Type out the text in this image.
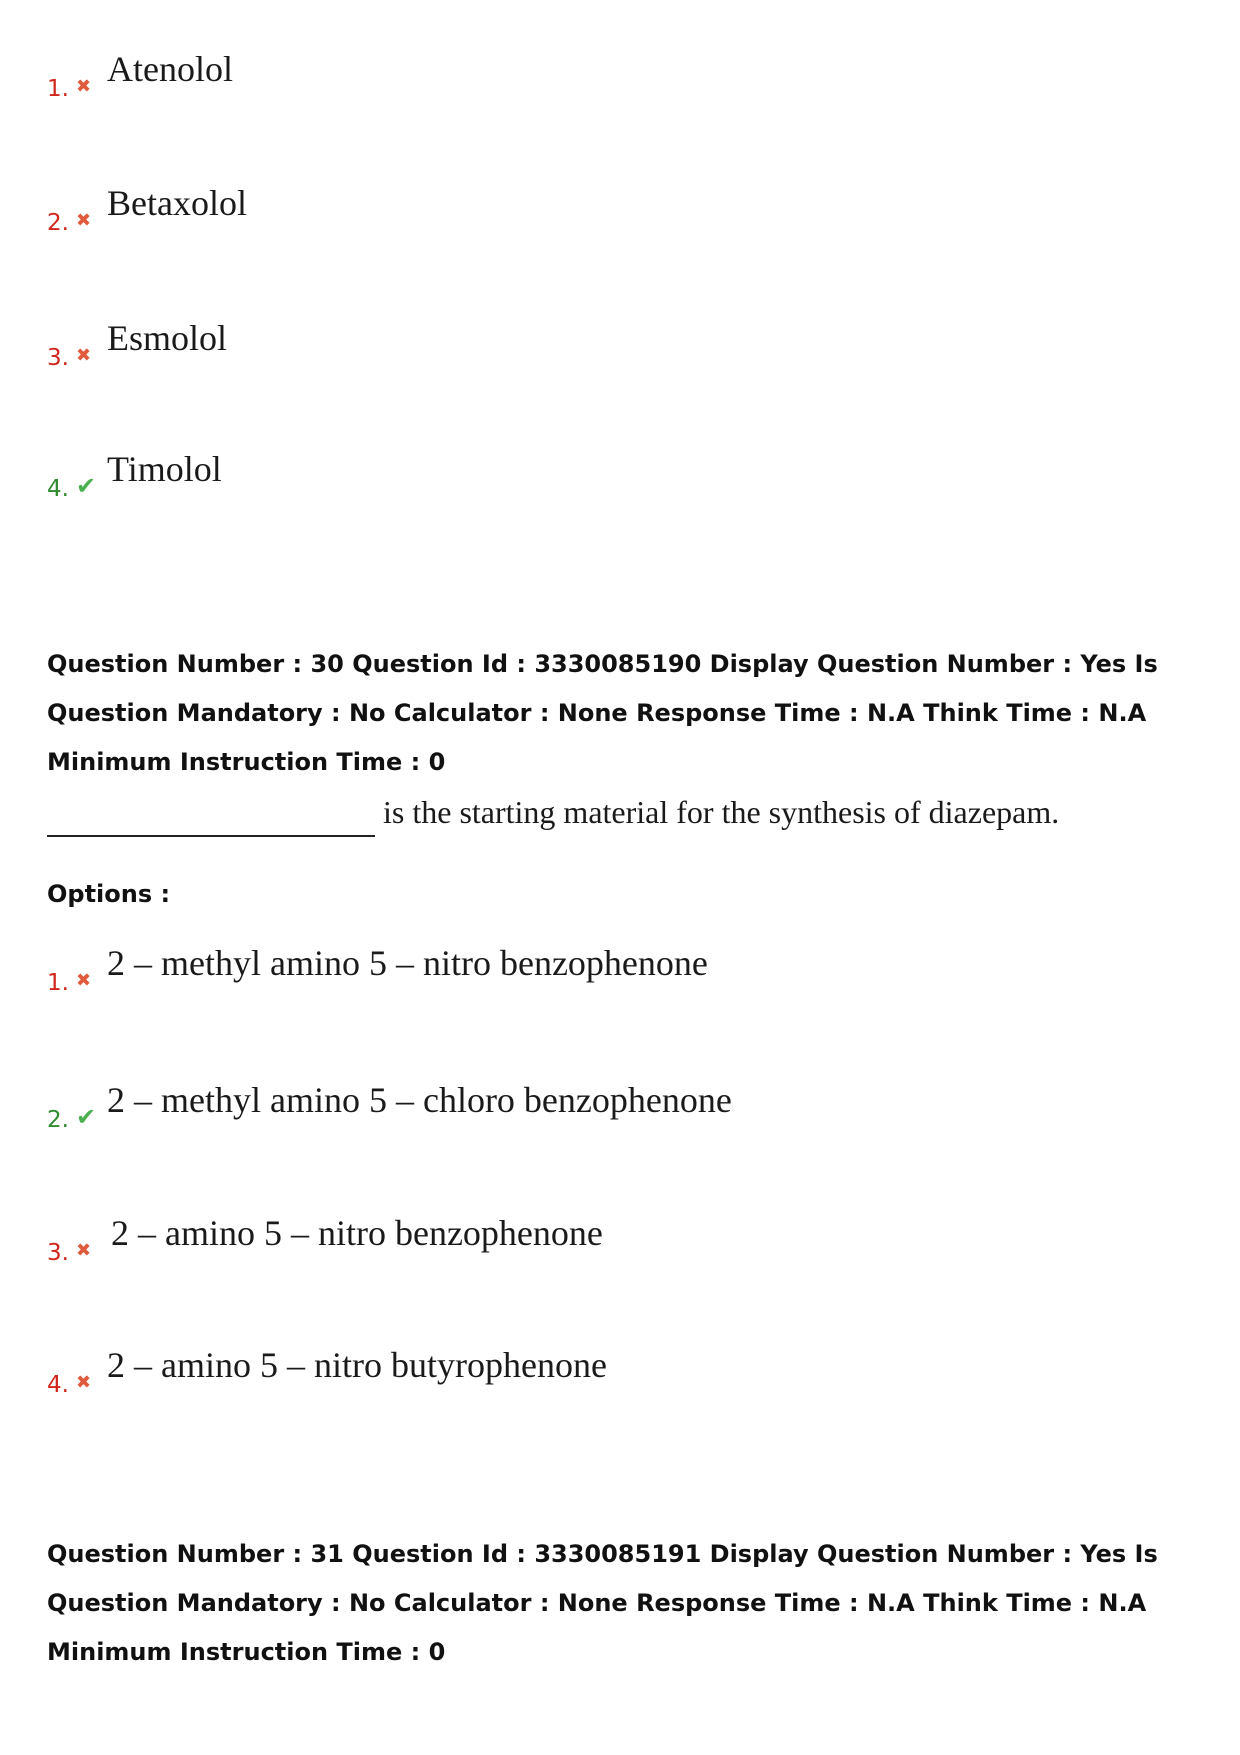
1. ✖ Atenolol
2. ✖ Betaxolol
3. ✖ Esmolol
4. ✔ Timolol
Question Number : 30 Question Id : 3330085190 Display Question Number : Yes Is Question Mandatory : No Calculator : None Response Time : N.A Think Time : N.A Minimum Instruction Time : 0
is the starting material for the synthesis of diazepam.
Options :
1. ✖ 2 – methyl amino 5 – nitro benzophenone
2. ✔ 2 – methyl amino 5 – chloro benzophenone
3. ✖ 2 – amino 5 – nitro benzophenone
4. ✖ 2 – amino 5 – nitro butyrophenone
Question Number : 31 Question Id : 3330085191 Display Question Number : Yes Is Question Mandatory : No Calculator : None Response Time : N.A Think Time : N.A Minimum Instruction Time : 0
